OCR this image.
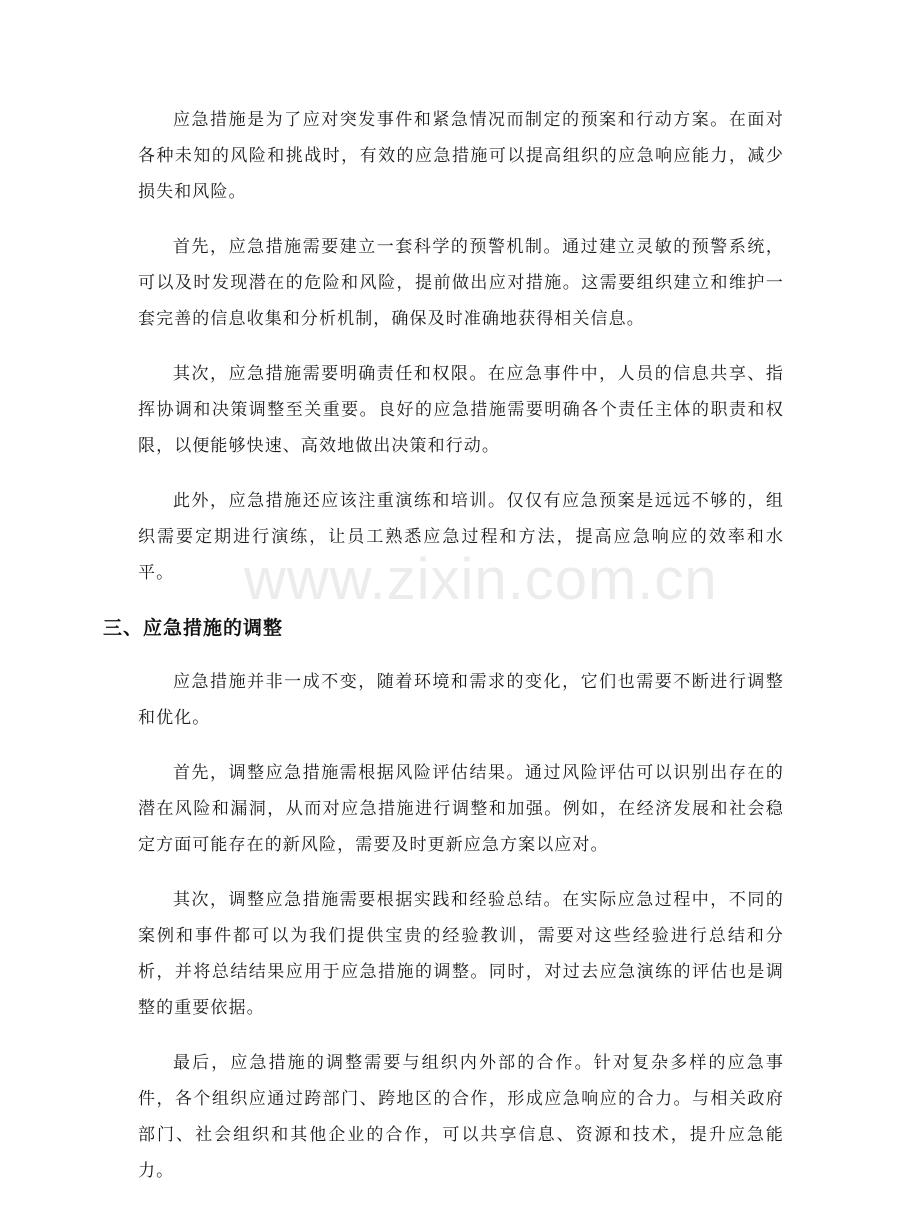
应急措施是为了应对突发事件和紧急情况而制定的预案和行动方案。在面对各种未知的风险和挑战时，有效的应急措施可以提高组织的应急响应能力，减少损失和风险。

首先，应急措施需要建立一套科学的预警机制。通过建立灵敏的预警系统，可以及时发现潜在的危险和风险，提前做出应对措施。这需要组织建立和维护一套完善的信息收集和分析机制，确保及时准确地获得相关信息。

其次，应急措施需要明确责任和权限。在应急事件中，人员的信息共享、指挥协调和决策调整至关重要。良好的应急措施需要明确各个责任主体的职责和权限，以便能够快速、高效地做出决策和行动。

此外，应急措施还应该注重演练和培训。仅仅有应急预案是远远不够的，组织需要定期进行演练，让员工熟悉应急过程和方法，提高应急响应的效率和水平。

三、应急措施的调整

应急措施并非一成不变，随着环境和需求的变化，它们也需要不断进行调整和优化。

首先，调整应急措施需根据风险评估结果。通过风险评估可以识别出存在的潜在风险和漏洞，从而对应急措施进行调整和加强。例如，在经济发展和社会稳定方面可能存在的新风险，需要及时更新应急方案以应对。

其次，调整应急措施需要根据实践和经验总结。在实际应急过程中，不同的案例和事件都可以为我们提供宝贵的经验教训，需要对这些经验进行总结和分析，并将总结结果应用于应急措施的调整。同时，对过去应急演练的评估也是调整的重要依据。

最后，应急措施的调整需要与组织内外部的合作。针对复杂多样的应急事件，各个组织应通过跨部门、跨地区的合作，形成应急响应的合力。与相关政府部门、社会组织和其他企业的合作，可以共享信息、资源和技术，提升应急能力。

www.zixin.com.cn
